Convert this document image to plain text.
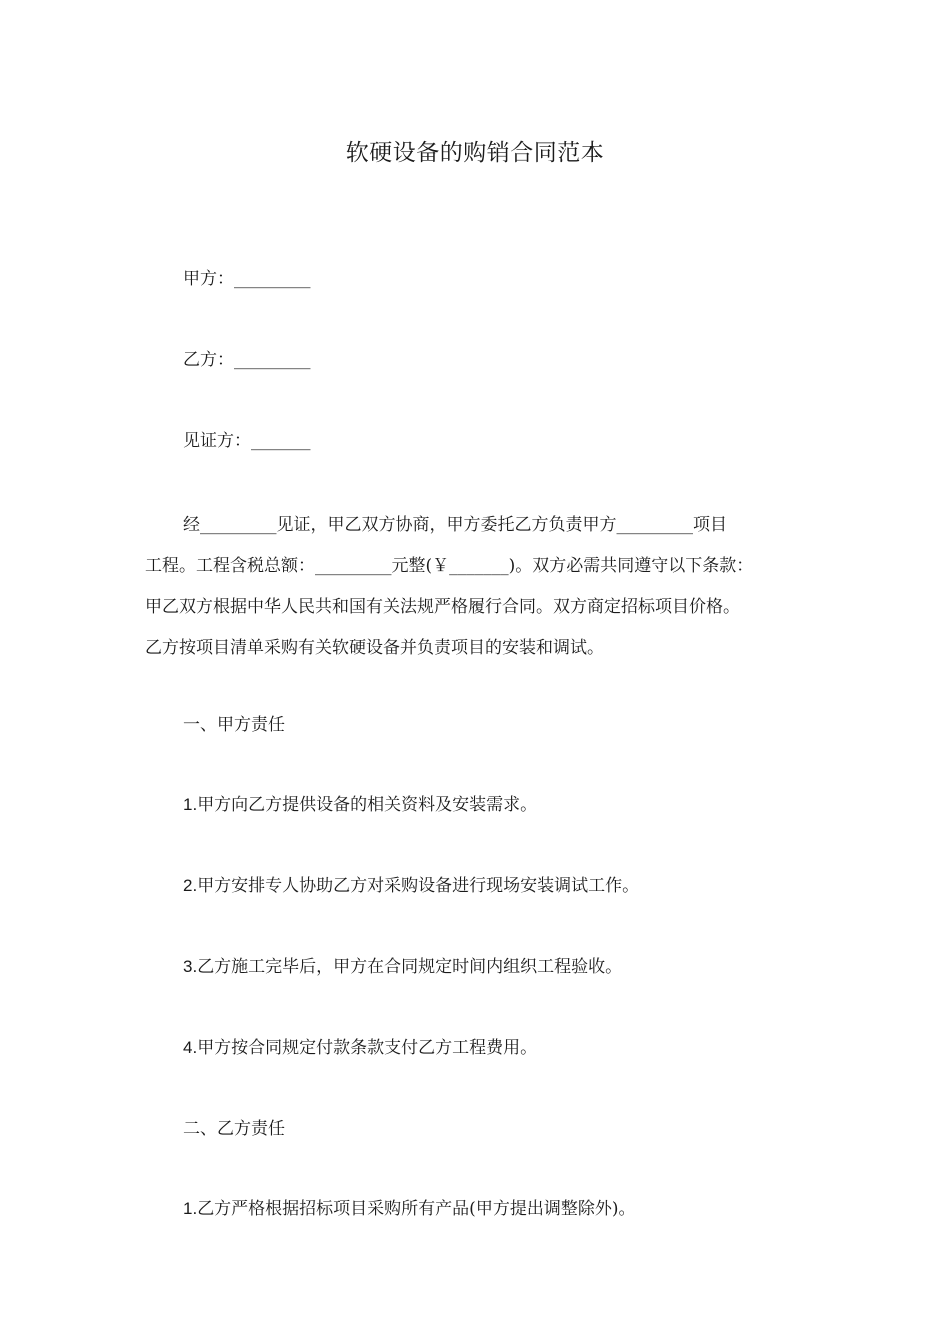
软硬设备的购销合同范本
甲方：_________
乙方：_________
见证方：_______
经_________见证，甲乙双方协商，甲方委托乙方负责甲方_________项目
工程。工程含税总额：_________元整(￥_______)。双方必需共同遵守以下条款：
甲乙双方根据中华人民共和国有关法规严格履行合同。双方商定招标项目价格。
乙方按项目清单采购有关软硬设备并负责项目的安装和调试。
一、甲方责任
1.甲方向乙方提供设备的相关资料及安装需求。
2.甲方安排专人协助乙方对采购设备进行现场安装调试工作。
3.乙方施工完毕后，甲方在合同规定时间内组织工程验收。
4.甲方按合同规定付款条款支付乙方工程费用。
二、乙方责任
1.乙方严格根据招标项目采购所有产品(甲方提出调整除外)。
